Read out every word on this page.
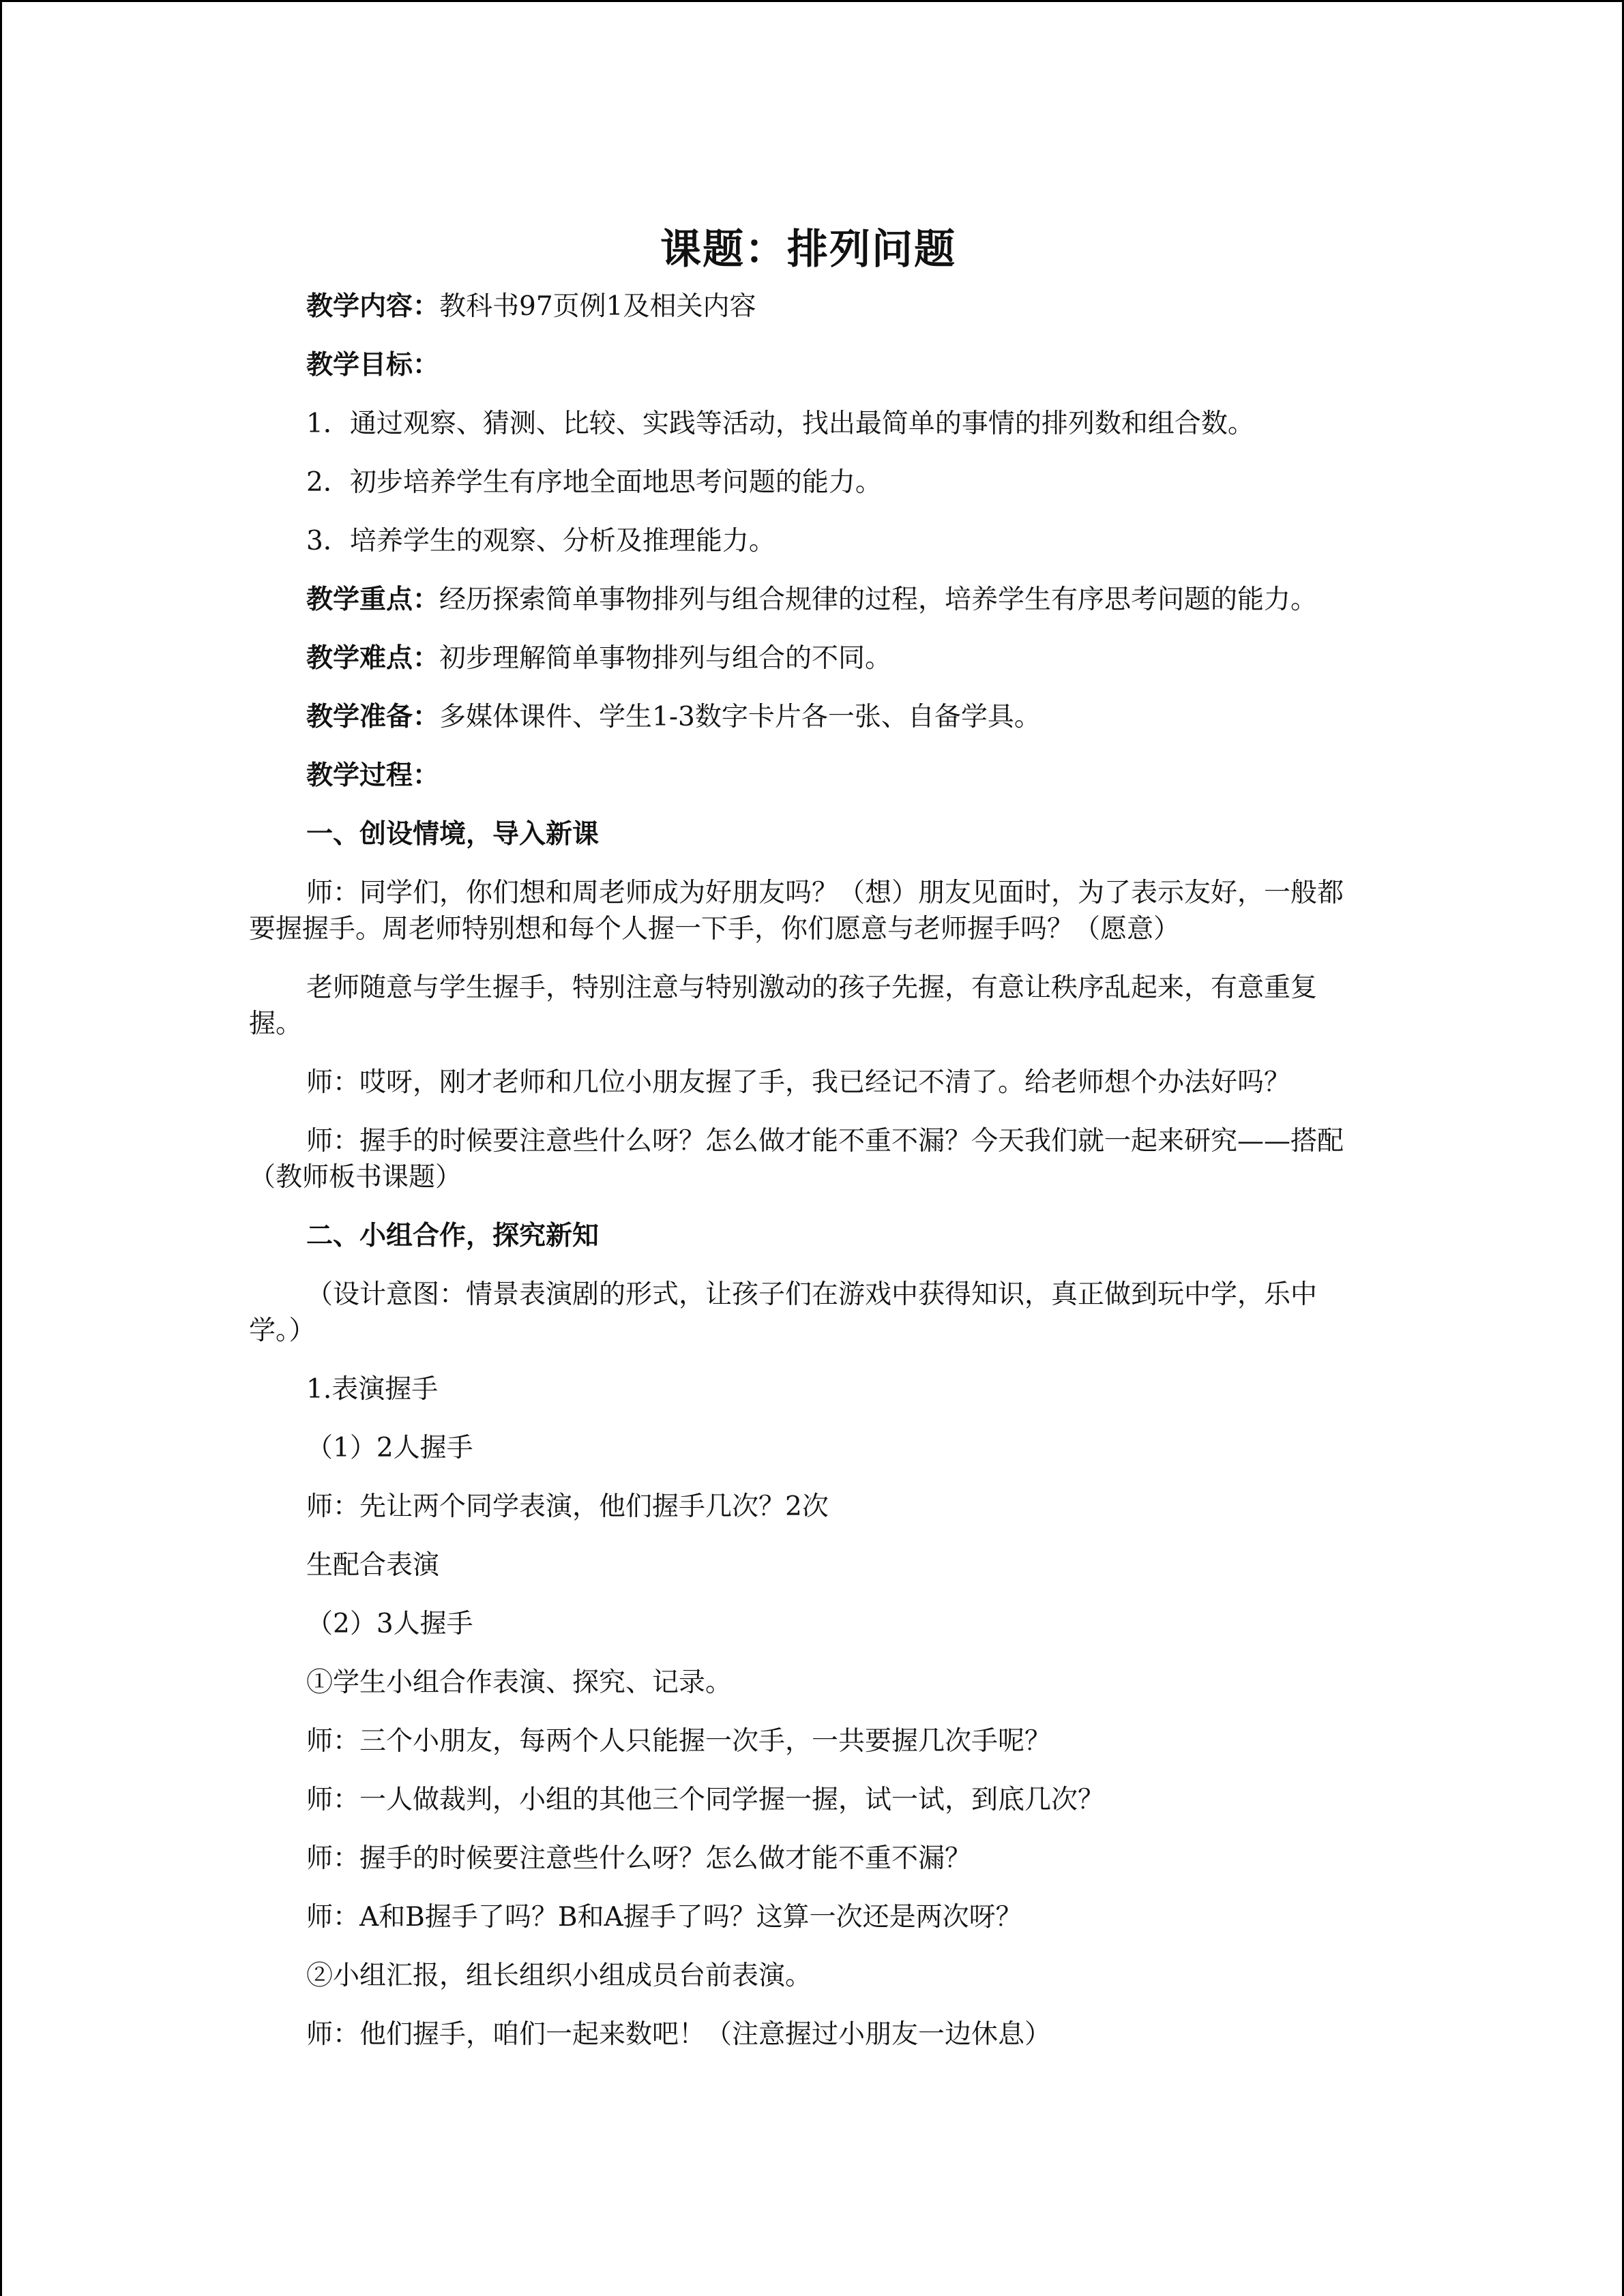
课题：排列问题

教学内容：教科书97页例1及相关内容

教学目标：

1．通过观察、猜测、比较、实践等活动，找出最简单的事情的排列数和组合数。

2．初步培养学生有序地全面地思考问题的能力。

3．培养学生的观察、分析及推理能力。

教学重点：经历探索简单事物排列与组合规律的过程，培养学生有序思考问题的能力。

教学难点：初步理解简单事物排列与组合的不同。

教学准备：多媒体课件、学生1-3数字卡片各一张、自备学具。

教学过程：

一、创设情境，导入新课

师：同学们，你们想和周老师成为好朋友吗？（想）朋友见面时，为了表示友好，一般都要握握手。周老师特别想和每个人握一下手，你们愿意与老师握手吗？（愿意）

老师随意与学生握手，特别注意与特别激动的孩子先握，有意让秩序乱起来，有意重复握。

师：哎呀，刚才老师和几位小朋友握了手，我已经记不清了。给老师想个办法好吗？

师：握手的时候要注意些什么呀？怎么做才能不重不漏？今天我们就一起来研究——搭配（教师板书课题）

二、小组合作，探究新知

（设计意图：情景表演剧的形式，让孩子们在游戏中获得知识，真正做到玩中学，乐中学。）

1.表演握手

（1）2人握手

师：先让两个同学表演，他们握手几次？2次

生配合表演

（2）3人握手

①学生小组合作表演、探究、记录。

师：三个小朋友，每两个人只能握一次手，一共要握几次手呢？

师：一人做裁判，小组的其他三个同学握一握，试一试，到底几次？

师：握手的时候要注意些什么呀？怎么做才能不重不漏？

师：A和B握手了吗？B和A握手了吗？这算一次还是两次呀？

②小组汇报，组长组织小组成员台前表演。

师：他们握手，咱们一起来数吧！（注意握过小朋友一边休息）
